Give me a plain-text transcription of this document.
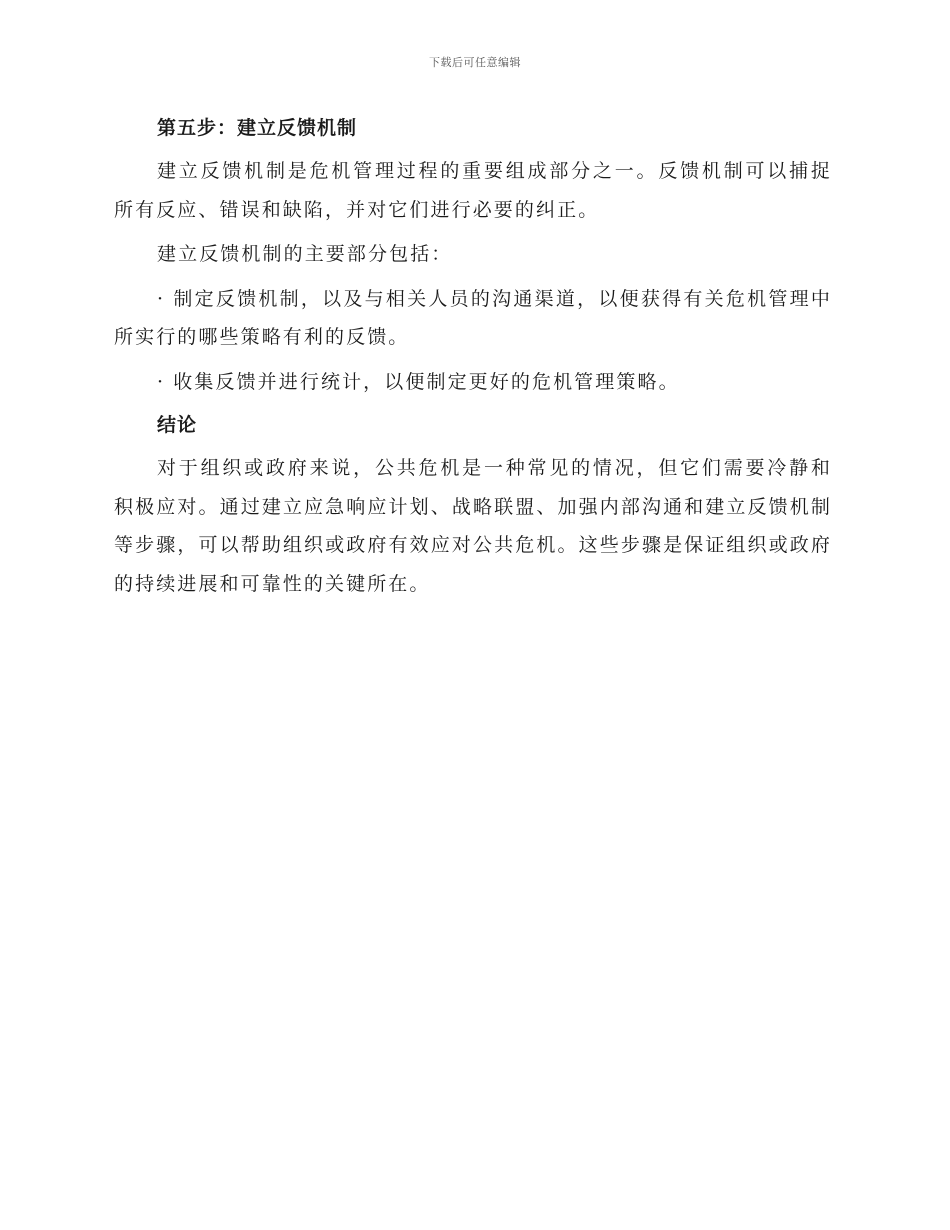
下载后可任意编辑
第五步：建立反馈机制

建立反馈机制是危机管理过程的重要组成部分之一。反馈机制可以捕捉所有反应、错误和缺陷，并对它们进行必要的纠正。

建立反馈机制的主要部分包括：

· 制定反馈机制，以及与相关人员的沟通渠道，以便获得有关危机管理中所实行的哪些策略有利的反馈。

· 收集反馈并进行统计，以便制定更好的危机管理策略。

结论

对于组织或政府来说，公共危机是一种常见的情况，但它们需要冷静和积极应对。通过建立应急响应计划、战略联盟、加强内部沟通和建立反馈机制等步骤，可以帮助组织或政府有效应对公共危机。这些步骤是保证组织或政府的持续进展和可靠性的关键所在。
